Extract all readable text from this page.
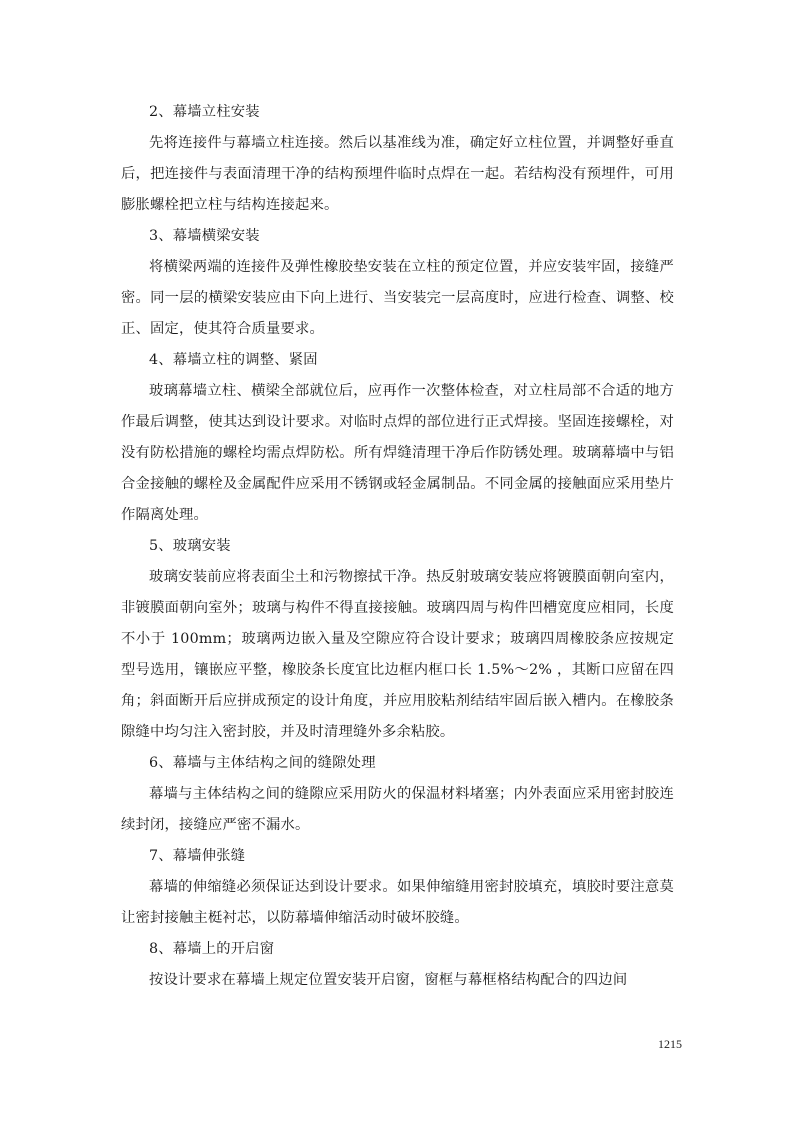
2、幕墙立柱安装

先将连接件与幕墙立柱连接。然后以基准线为准，确定好立柱位置，并调整好垂直后，把连接件与表面清理干净的结构预埋件临时点焊在一起。若结构没有预埋件，可用膨胀螺栓把立柱与结构连接起来。

3、幕墙横梁安装

将横梁两端的连接件及弹性橡胶垫安装在立柱的预定位置，并应安装牢固，接缝严密。同一层的横梁安装应由下向上进行、当安装完一层高度时，应进行检查、调整、校正、固定，使其符合质量要求。

4、幕墙立柱的调整、紧固

玻璃幕墙立柱、横梁全部就位后，应再作一次整体检查，对立柱局部不合适的地方作最后调整，使其达到设计要求。对临时点焊的部位进行正式焊接。坚固连接螺栓，对没有防松措施的螺栓均需点焊防松。所有焊缝清理干净后作防锈处理。玻璃幕墙中与铝合金接触的螺栓及金属配件应采用不锈钢或轻金属制品。不同金属的接触面应采用垫片作隔离处理。

5、玻璃安装

玻璃安装前应将表面尘土和污物擦拭干净。热反射玻璃安装应将镀膜面朝向室内，非镀膜面朝向室外；玻璃与构件不得直接接触。玻璃四周与构件凹槽宽度应相同，长度不小于 100mm；玻璃两边嵌入量及空隙应符合设计要求；玻璃四周橡胶条应按规定型号选用，镶嵌应平整，橡胶条长度宜比边框内框口长 1.5%～2% ，其断口应留在四角；斜面断开后应拼成预定的设计角度，并应用胶粘剂结结牢固后嵌入槽内。在橡胶条隙缝中均匀注入密封胶，并及时清理缝外多余粘胶。

6、幕墙与主体结构之间的缝隙处理

幕墙与主体结构之间的缝隙应采用防火的保温材料堵塞；内外表面应采用密封胶连续封闭，接缝应严密不漏水。

7、幕墙伸张缝

幕墙的伸缩缝必须保证达到设计要求。如果伸缩缝用密封胶填充，填胶时要注意莫让密封接触主梃衬芯，以防幕墙伸缩活动时破坏胶缝。

8、幕墙上的开启窗

按设计要求在幕墙上规定位置安装开启窗，窗框与幕框格结构配合的四边间

1215
